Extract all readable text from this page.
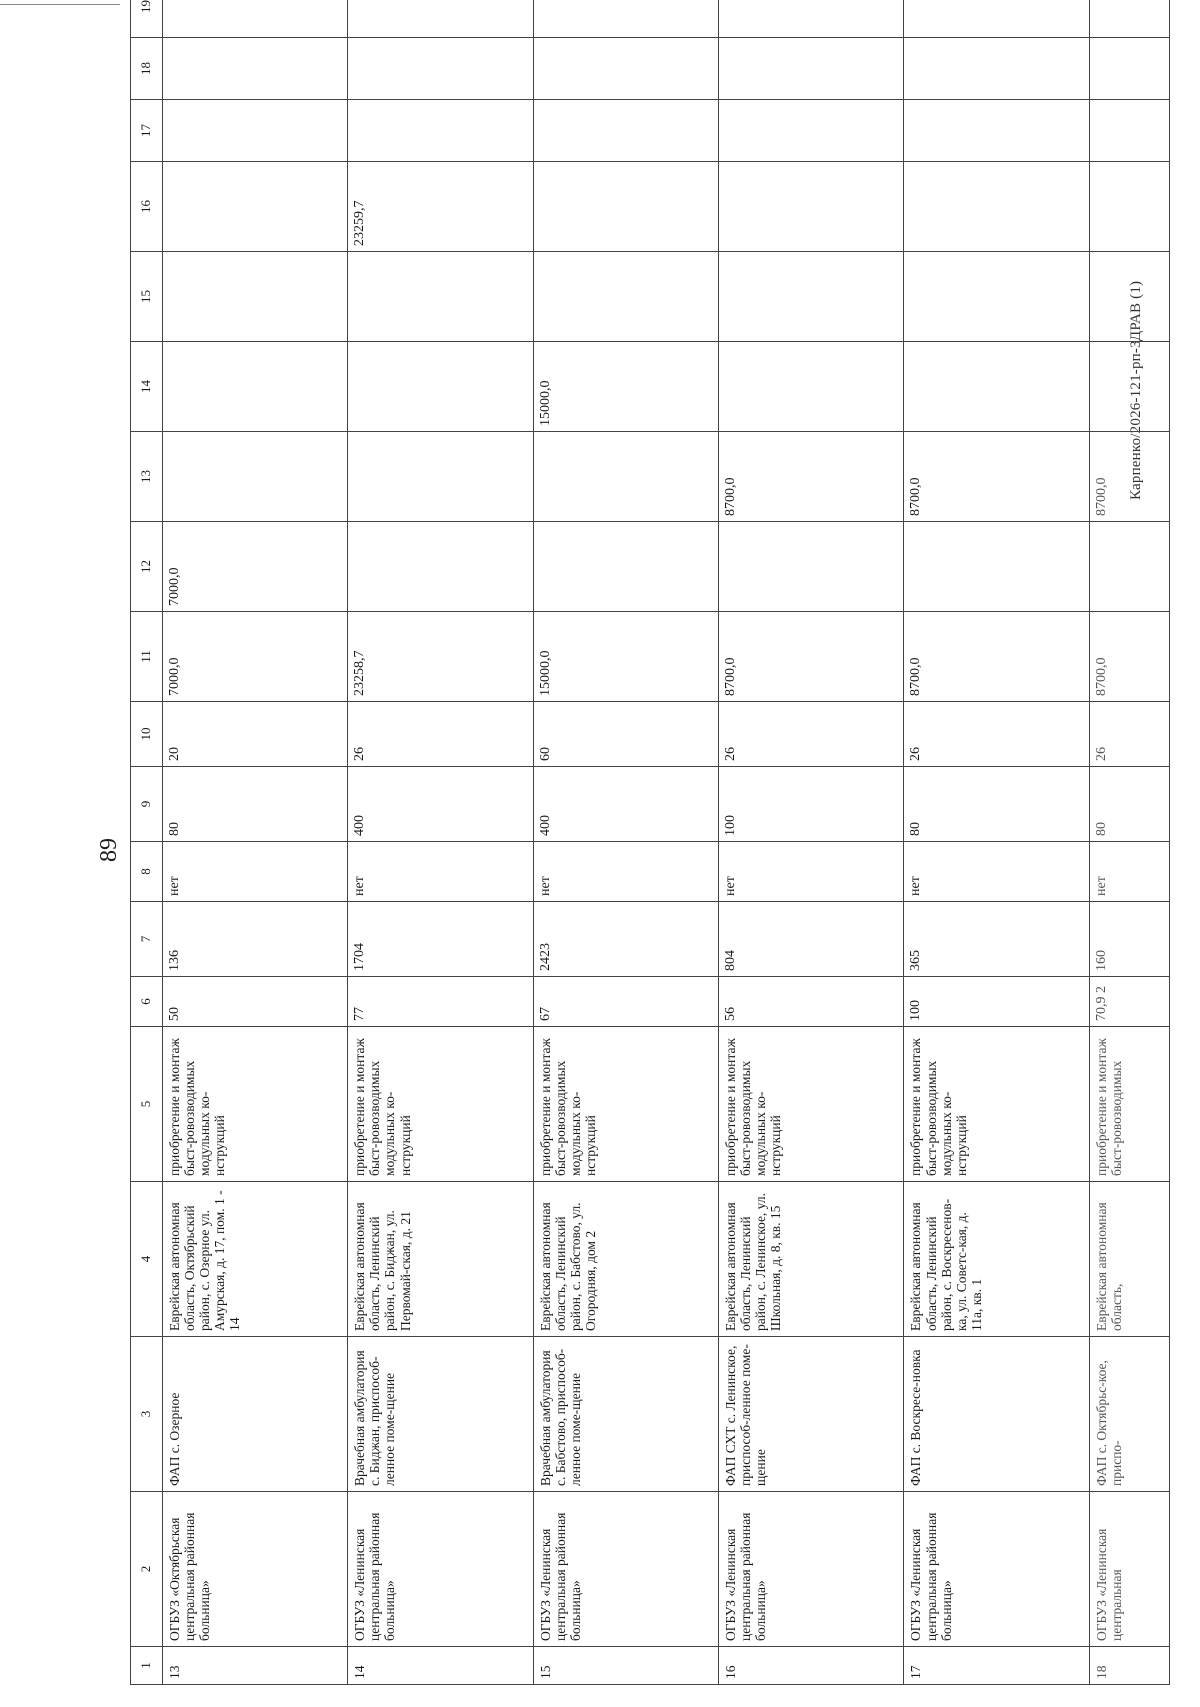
89
Карпенко/2026-121-рп-ЗДРАВ (1)
1	2	3	4	5	6	7	8	9	10	11	12	13	14	15	16	17	18	19		
13	ОГБУЗ «Октябрьская центральная районная больница»	ФАП с. Озерное	Еврейская автономная область, Октябрьский район, с. Озерное ул. Амурская, д. 17, пом. 1 - 14	приобретение и монтаж быст-ровозводимых модульных ко-нструкций	50	136	нет	80	20	7000,0	7000,0									
14	ОГБУЗ «Ленинская центральная районная больница»	Врачебная амбулатория с. Биджан, приспособ-ленное поме-щение	Еврейская автономная область, Ленинский район, с. Биджан, ул. Первомай-ская, д. 21	приобретение и монтаж быст-ровозводимых модульных ко-нструкций	77	1704	нет	400	26	23258,7					23259,7					
15	ОГБУЗ «Ленинская центральная районная больница»	Врачебная амбулатория с. Бабстово, приспособ-ленное поме-щение	Еврейская автономная область, Ленинский район, с. Бабстово, ул. Огородняя, дом 2	приобретение и монтаж быст-ровозводимых модульных ко-нструкций	67	2423	нет	400	60	15000,0			15000,0							
16	ОГБУЗ «Ленинская центральная районная больница»	ФАП СХТ с. Ленинское, приспособ-ленное поме-щение	Еврейская автономная область, Ленинский район, с. Ленинское, ул. Школьная, д. 8, кв. 15	приобретение и монтаж быст-ровозводимых модульных ко-нструкций	56	804	нет	100	26	8700,0		8700,0								
17	ОГБУЗ «Ленинская центральная районная больница»	ФАП с. Воскресе-новка	Еврейская автономная область, Ленинский район, с. Воскресенов-ка, ул. Советс-кая, д. 11а, кв. 1	приобретение и монтаж быст-ровозводимых модульных ко-нструкций	100	365	нет	80	26	8700,0		8700,0								
18	ОГБУЗ «Ленинская центральная	ФАП с. Октябрьс-кое, приспо-	Еврейская автономная область,	приобретение и монтаж быст-ровозводимых	70,9 2	160	нет	80	26	8700,0		8700,0								
